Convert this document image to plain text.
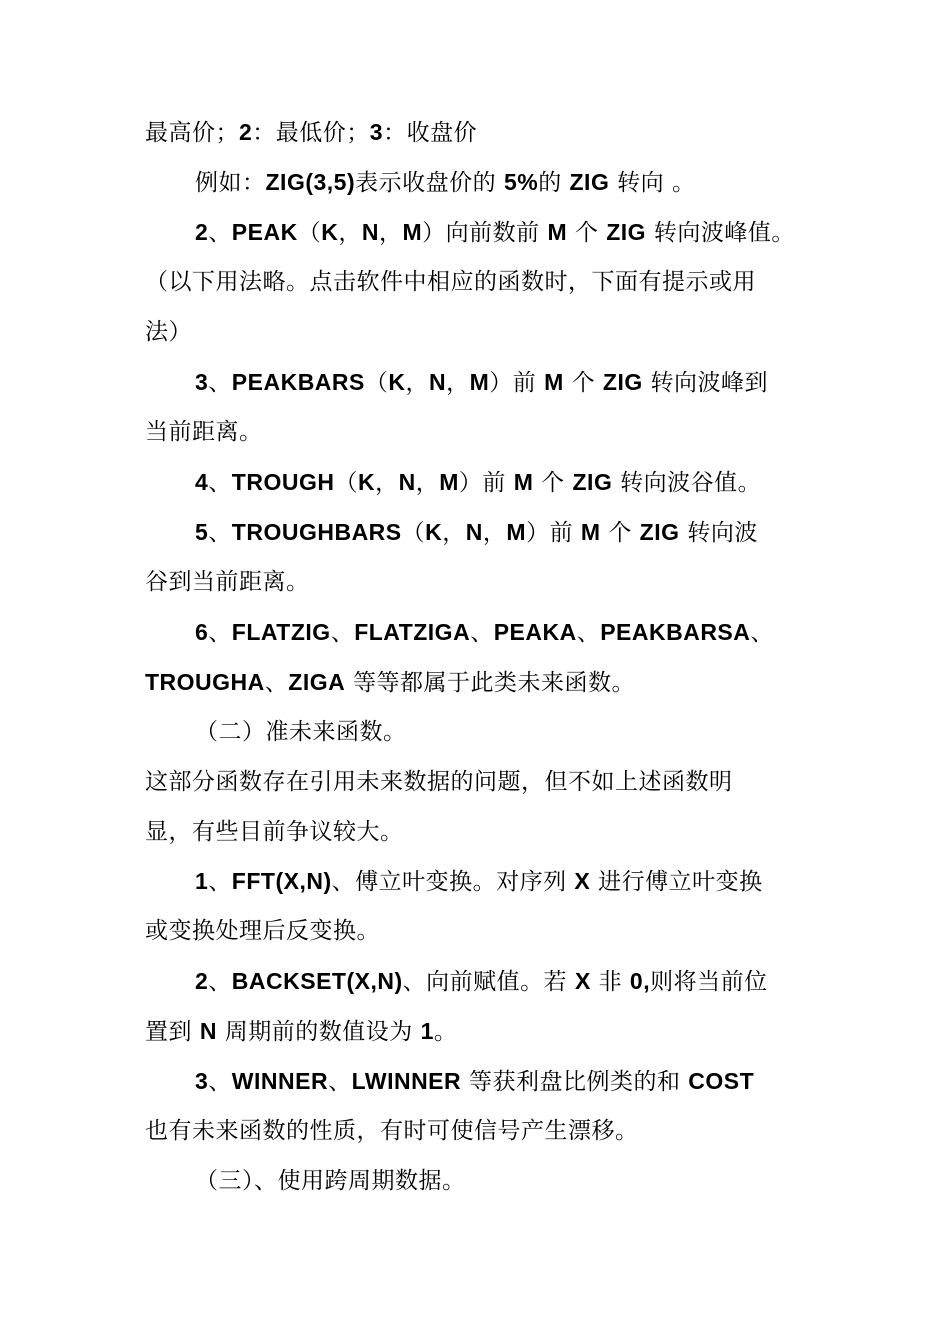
最高价；2：最低价；3：收盘价

例如：ZIG(3,5)表示收盘价的 5%的 ZIG 转向 。

2、PEAK（K，N，M）向前数前 M 个 ZIG 转向波峰值。

（以下用法略。点击软件中相应的函数时，下面有提示或用

法）

3、PEAKBARS（K，N，M）前 M 个 ZIG 转向波峰到

当前距离。

4、TROUGH（K，N，M）前 M 个 ZIG 转向波谷值。

5、TROUGHBARS（K，N，M）前 M 个 ZIG 转向波

谷到当前距离。

6、FLATZIG、FLATZIGA、PEAKA、PEAKBARSA、

TROUGHA、ZIGA 等等都属于此类未来函数。

（二）准未来函数。

这部分函数存在引用未来数据的问题，但不如上述函数明

显，有些目前争议较大。

1、FFT(X,N)、傅立叶变换。对序列 X 进行傅立叶变换

或变换处理后反变换。

2、BACKSET(X,N)、向前赋值。若 X 非 0,则将当前位

置到 N 周期前的数值设为 1。

3、WINNER、LWINNER 等获利盘比例类的和 COST

也有未来函数的性质，有时可使信号产生漂移。

（三）、使用跨周期数据。
